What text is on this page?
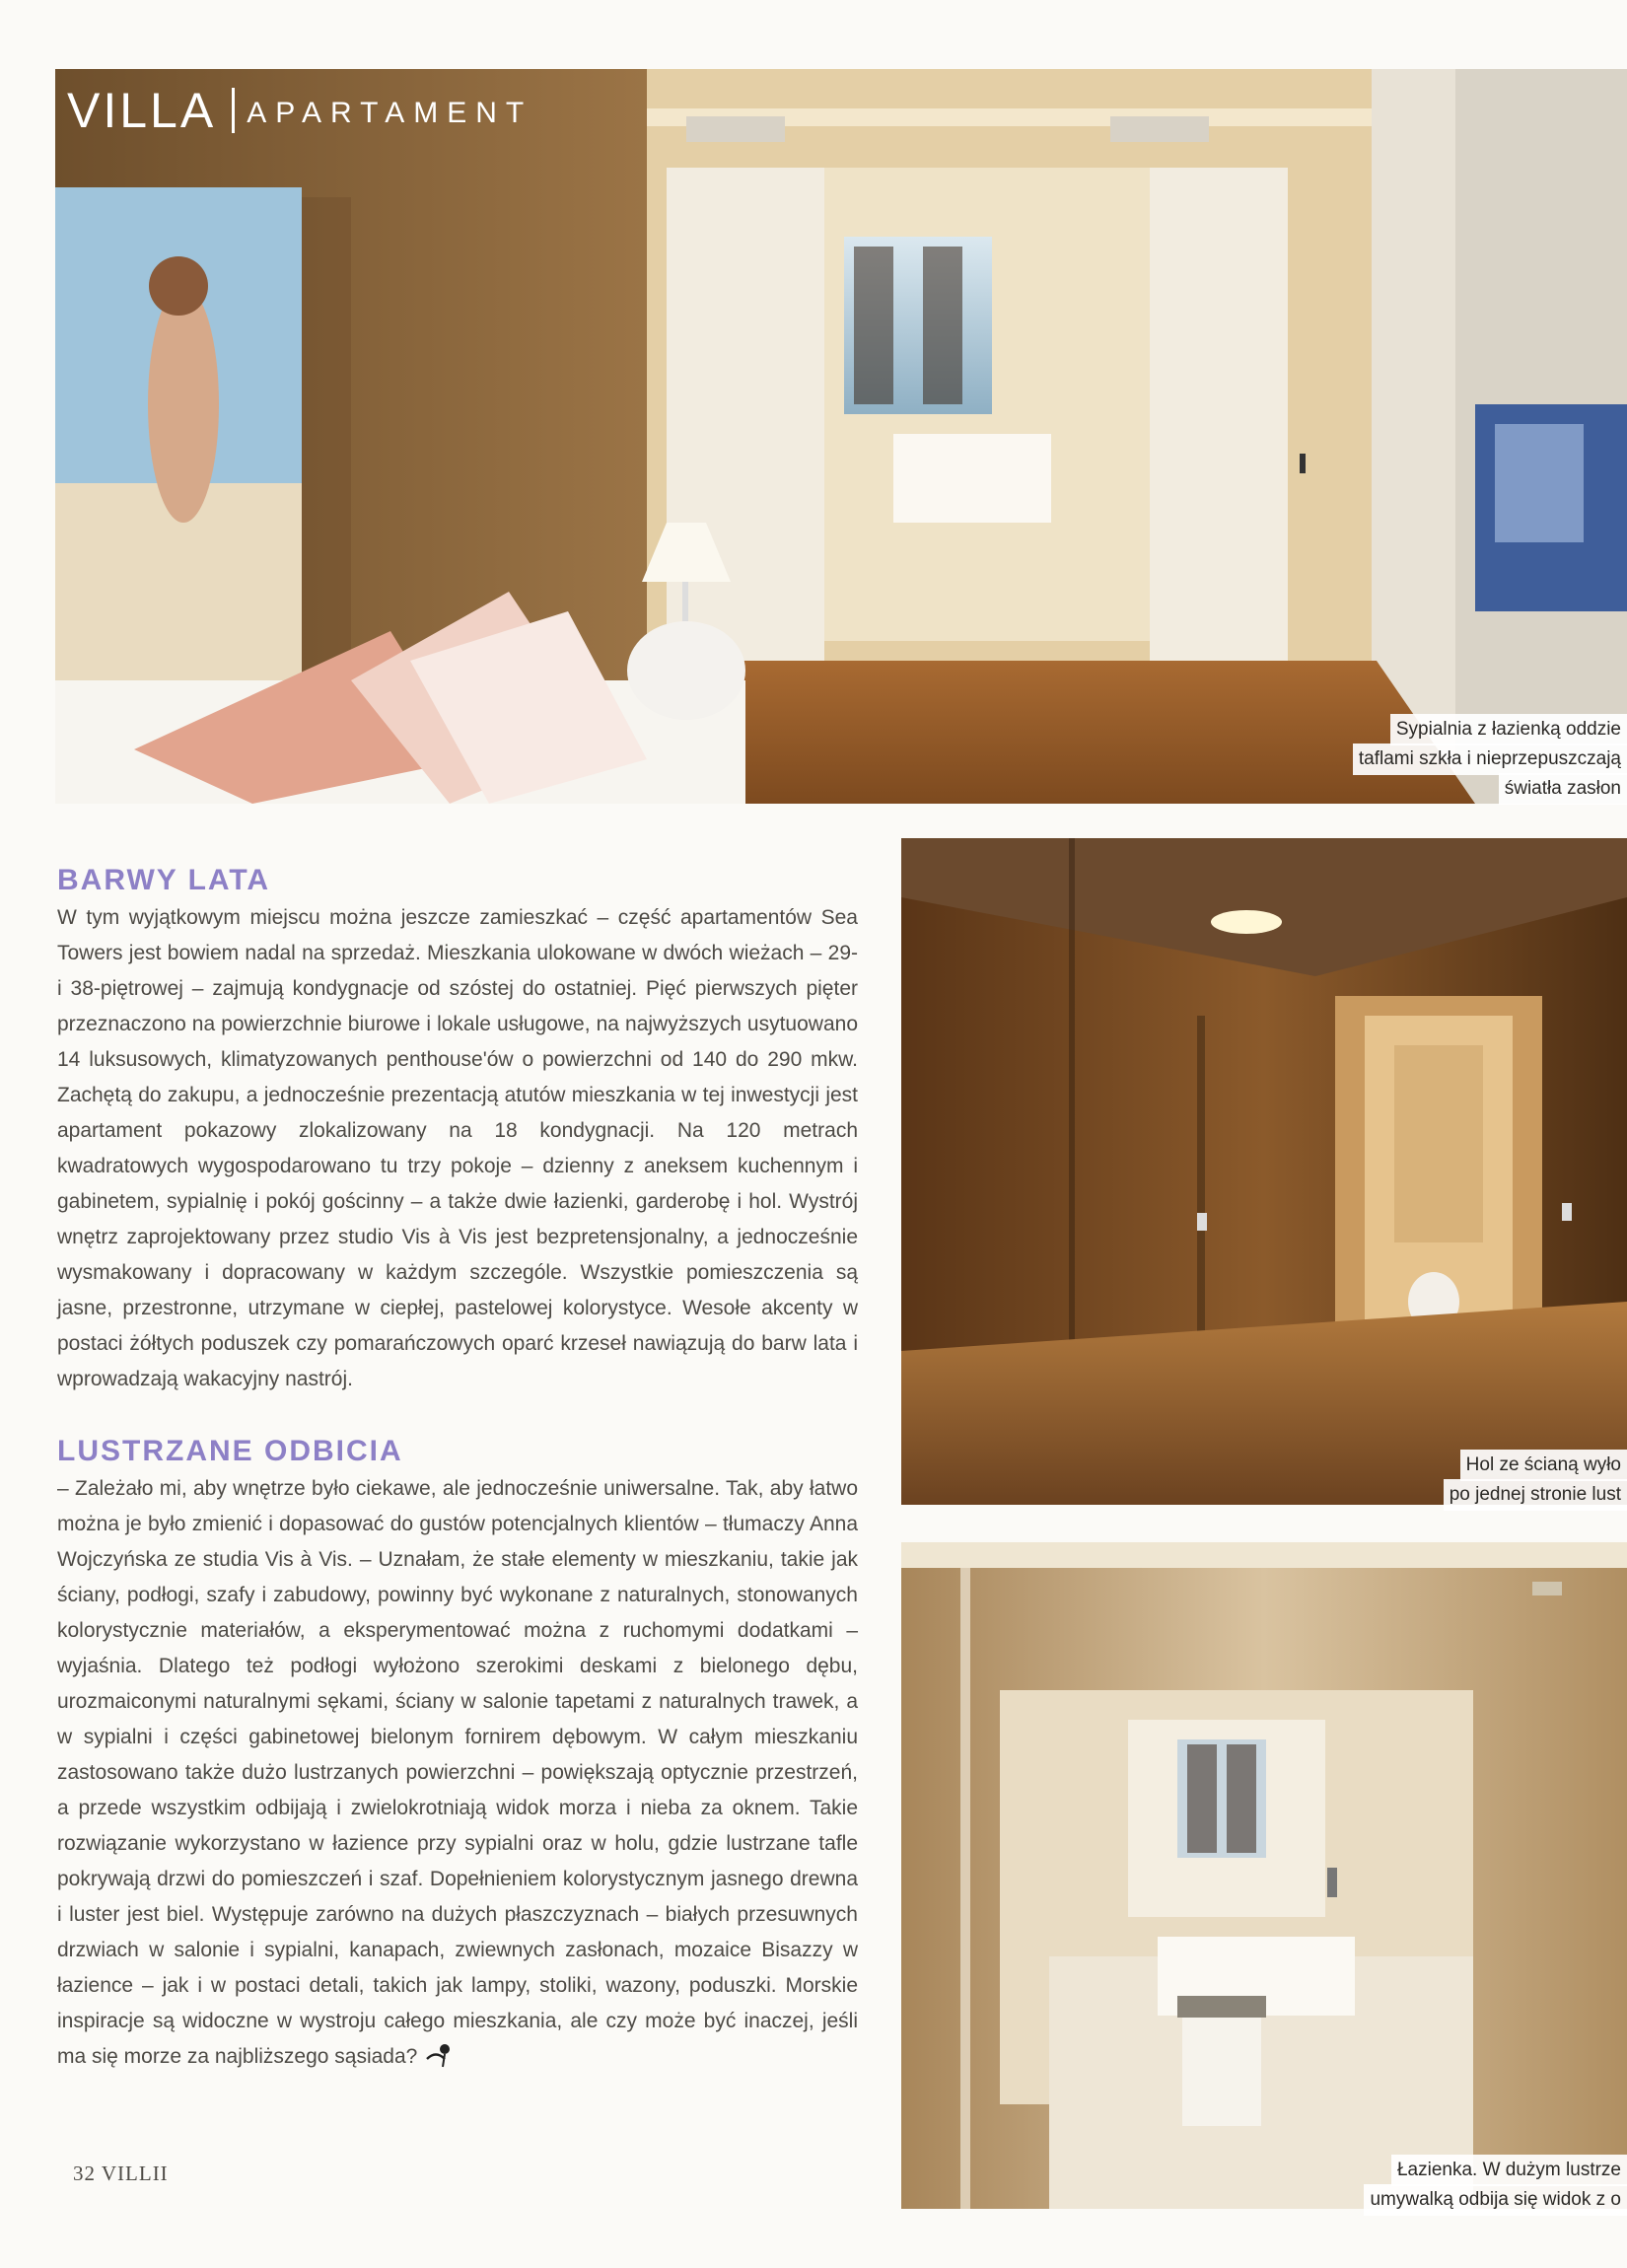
VILLA APARTAMENT
Sypialnia z łazienką oddzie
taflami szkła i nieprzepuszczają
światła zasłon
Hol ze ścianą wyło
po jednej stronie lust
Łazienka. W dużym lustrze
umywalką odbija się widok z o
BARWY LATA

W tym wyjątkowym miejscu można jeszcze zamieszkać – część apartamentów Sea Towers jest bowiem nadal na sprzedaż. Mieszkania ulokowane w dwóch wieżach – 29- i 38-piętrowej – zajmują kondygnacje od szóstej do ostatniej. Pięć pierwszych pięter przeznaczono na powierzchnie biurowe i lokale usługowe, na najwyższych usytuowano 14 luksusowych, klimatyzowanych penthouse'ów o powierzchni od 140 do 290 mkw. Zachętą do zakupu, a jednocześnie prezentacją atutów mieszkania w tej inwestycji jest apartament pokazowy zlokalizowany na 18 kondygnacji. Na 120 metrach kwadratowych wygospodarowano tu trzy pokoje – dzienny z aneksem kuchennym i gabinetem, sypialnię i pokój gościnny – a także dwie łazienki, garderobę i hol. Wystrój wnętrz zaprojektowany przez studio Vis à Vis jest bezpretensjonalny, a jednocześnie wysmakowany i dopracowany w każdym szczególe. Wszystkie pomieszczenia są jasne, przestronne, utrzymane w ciepłej, pastelowej kolorystyce. Wesołe akcenty w postaci żółtych poduszek czy pomarańczowych oparć krzeseł nawiązują do barw lata i wprowadzają wakacyjny nastrój.

LUSTRZANE ODBICIA

– Zależało mi, aby wnętrze było ciekawe, ale jednocześnie uniwersalne. Tak, aby łatwo można je było zmienić i dopasować do gustów potencjalnych klientów – tłumaczy Anna Wojczyńska ze studia Vis à Vis. – Uznałam, że stałe elementy w mieszkaniu, takie jak ściany, podłogi, szafy i zabudowy, powinny być wykonane z naturalnych, stonowanych kolorystycznie materiałów, a eksperymentować można z ruchomymi dodatkami – wyjaśnia. Dlatego też podłogi wyłożono szerokimi deskami z bielonego dębu, urozmaiconymi naturalnymi sękami, ściany w salonie tapetami z naturalnych trawek, a w sypialni i części gabinetowej bielonym fornirem dębowym. W całym mieszkaniu zastosowano także dużo lustrzanych powierzchni – powiększają optycznie przestrzeń, a przede wszystkim odbijają i zwielokrotniają widok morza i nieba za oknem. Takie rozwiązanie wykorzystano w łazience przy sypialni oraz w holu, gdzie lustrzane tafle pokrywają drzwi do pomieszczeń i szaf. Dopełnieniem kolorystycznym jasnego drewna i luster jest biel. Występuje zarówno na dużych płaszczyznach – białych przesuwnych drzwiach w salonie i sypialni, kanapach, zwiewnych zasłonach, mozaice Bisazzy w łazience – jak i w postaci detali, takich jak lampy, stoliki, wazony, poduszki. Morskie inspiracje są widoczne w wystroju całego mieszkania, ale czy może być inaczej, jeśli ma się morze za najbliższego sąsiada?

32 VILLII
